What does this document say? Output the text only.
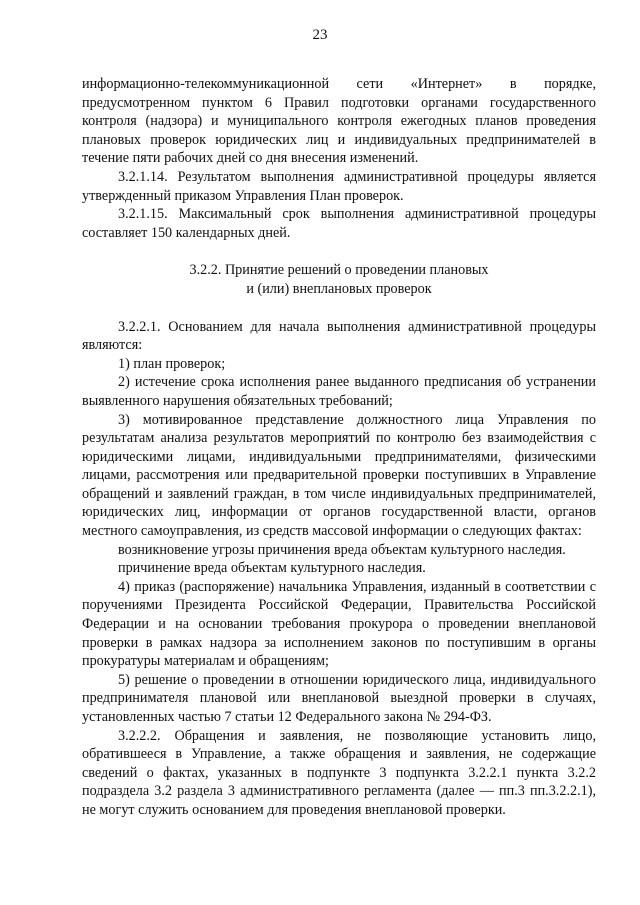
23

информационно-телекоммуникационной сети «Интернет» в порядке, предусмотренном пунктом 6 Правил подготовки органами государственного контроля (надзора) и муниципального контроля ежегодных планов проведения плановых проверок юридических лиц и индивидуальных предпринимателей в течение пяти рабочих дней со дня внесения изменений.

3.2.1.14. Результатом выполнения административной процедуры является утвержденный приказом Управления План проверок.

3.2.1.15. Максимальный срок выполнения административной процедуры составляет 150 календарных дней.

3.2.2. Принятие решений о проведении плановых
и (или) внеплановых проверок

3.2.2.1. Основанием для начала выполнения административной процедуры являются:

1) план проверок;

2) истечение срока исполнения ранее выданного предписания об устранении выявленного нарушения обязательных требований;

3) мотивированное представление должностного лица Управления по результатам анализа результатов мероприятий по контролю без взаимодействия с юридическими лицами, индивидуальными предпринимателями, физическими лицами, рассмотрения или предварительной проверки поступивших в Управление обращений и заявлений граждан, в том числе индивидуальных предпринимателей, юридических лиц, информации от органов государственной власти, органов местного самоуправления, из средств массовой информации о следующих фактах:

возникновение угрозы причинения вреда объектам культурного наследия.

причинение вреда объектам культурного наследия.

4) приказ (распоряжение) начальника Управления, изданный в соответствии с поручениями Президента Российской Федерации, Правительства Российской Федерации и на основании требования прокурора о проведении внеплановой проверки в рамках надзора за исполнением законов по поступившим в органы прокуратуры материалам и обращениям;

5) решение о проведении в отношении юридического лица, индивидуального предпринимателя плановой или внеплановой выездной проверки в случаях, установленных частью 7 статьи 12 Федерального закона № 294-ФЗ.

3.2.2.2. Обращения и заявления, не позволяющие установить лицо, обратившееся в Управление, а также обращения и заявления, не содержащие сведений о фактах, указанных в подпункте 3 подпункта 3.2.2.1 пункта 3.2.2 подраздела 3.2 раздела 3 административного регламента (далее — пп.3 пп.3.2.2.1), не могут служить основанием для проведения внеплановой проверки.
